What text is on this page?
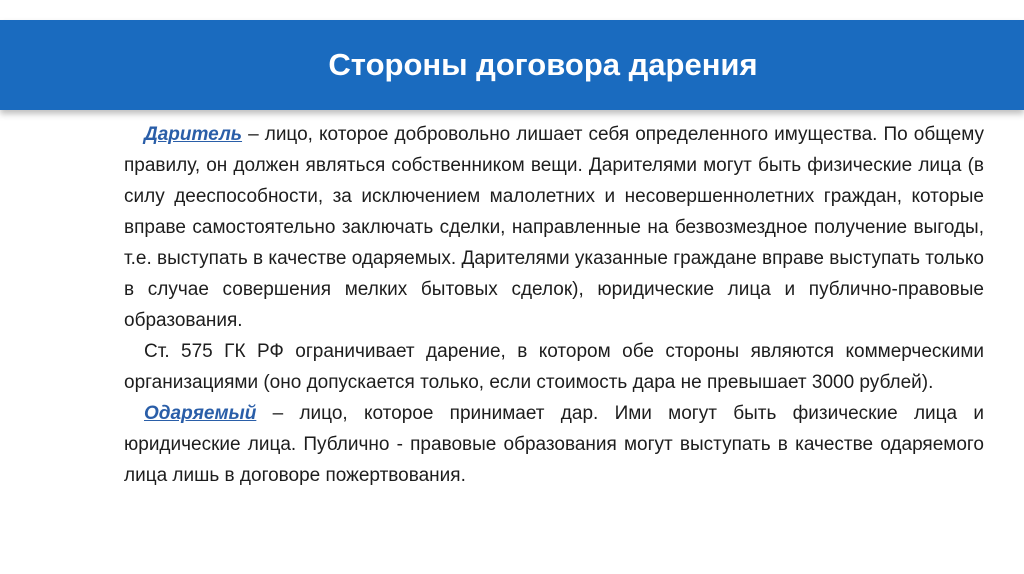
Стороны договора дарения

Даритель – лицо, которое добровольно лишает себя определенного имущества. По общему правилу, он должен являться собственником вещи. Дарителями могут быть физические лица (в силу дееспособности, за исключением малолетних и несовершеннолетних граждан, которые вправе самостоятельно заключать сделки, направленные на безвозмездное получение выгоды, т.е. выступать в качестве одаряемых. Дарителями указанные граждане вправе выступать только в случае совершения мелких бытовых сделок), юридические лица и публично-правовые образования.

Ст. 575 ГК РФ ограничивает дарение, в котором обе стороны являются коммерческими организациями (оно допускается только, если стоимость дара не превышает 3000 рублей).

Одаряемый – лицо, которое принимает дар. Ими могут быть физические лица и юридические лица. Публично - правовые образования могут выступать в качестве одаряемого лица лишь в договоре пожертвования.
